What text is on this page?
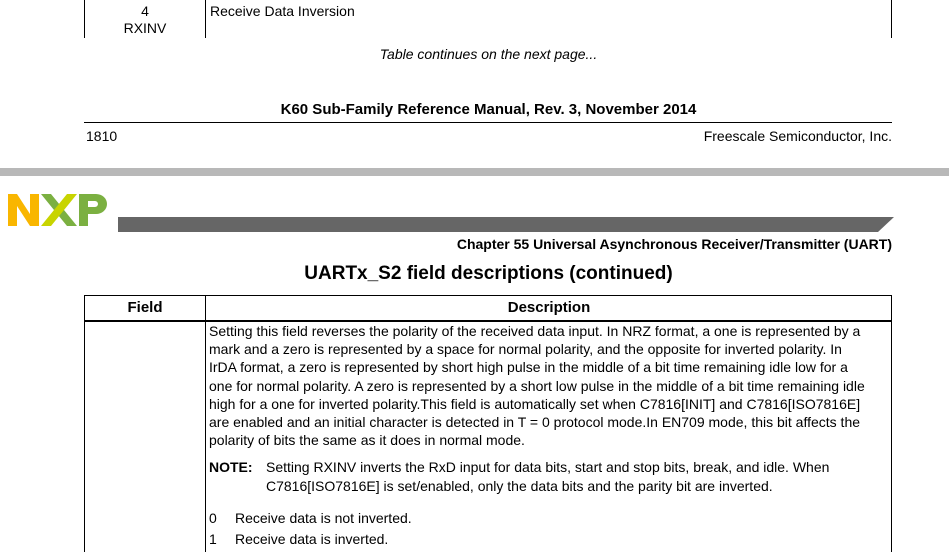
4
RXINV
Receive Data Inversion
Table continues on the next page...
K60 Sub-Family Reference Manual, Rev. 3, November 2014
1810	Freescale Semiconductor, Inc.
Chapter 55 Universal Asynchronous Receiver/Transmitter (UART)
UARTx_S2 field descriptions (continued)
Field	Description
Setting this field reverses the polarity of the received data input. In NRZ format, a one is represented by a
mark and a zero is represented by a space for normal polarity, and the opposite for inverted polarity. In
IrDA format, a zero is represented by short high pulse in the middle of a bit time remaining idle low for a
one for normal polarity. A zero is represented by a short low pulse in the middle of a bit time remaining idle
high for a one for inverted polarity.This field is automatically set when C7816[INIT] and C7816[ISO7816E]
are enabled and an initial character is detected in T = 0 protocol mode.In EN709 mode, this bit affects the
polarity of bits the same as it does in normal mode.
NOTE: Setting RXINV inverts the RxD input for data bits, start and stop bits, break, and idle. When
C7816[ISO7816E] is set/enabled, only the data bits and the parity bit are inverted.
0 Receive data is not inverted.
1 Receive data is inverted.
